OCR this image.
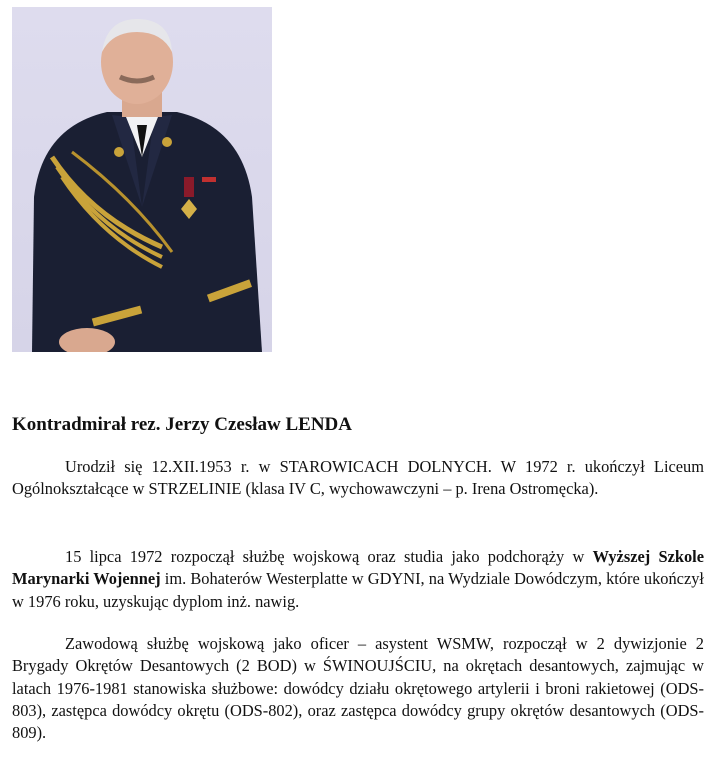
Kontradmirał rez. Jerzy Czesław LENDA

Urodził się 12.XII.1953 r. w STAROWICACH DOLNYCH. W 1972 r. ukończył Liceum Ogólnokształcące w STRZELINIE (klasa IV C, wychowawczyni – p. Irena Ostromęcka).

15 lipca 1972 rozpoczął służbę wojskową oraz studia jako podchorąży w Wyższej Szkole Marynarki Wojennej im. Bohaterów Westerplatte w GDYNI, na Wydziale Dowódczym, które ukończył w 1976 roku, uzyskując dyplom inż. nawig.

Zawodową służbę wojskową jako oficer – asystent WSMW, rozpoczął w 2 dywizjonie 2 Brygady Okrętów Desantowych (2 BOD) w ŚWINOUJŚCIU, na okrętach desantowych, zajmując w latach 1976-1981 stanowiska służbowe: dowódcy działu okrętowego artylerii i broni rakietowej (ODS-803), zastępca dowódcy okrętu (ODS-802), oraz zastępca dowódcy grupy okrętów desantowych (ODS-809).
